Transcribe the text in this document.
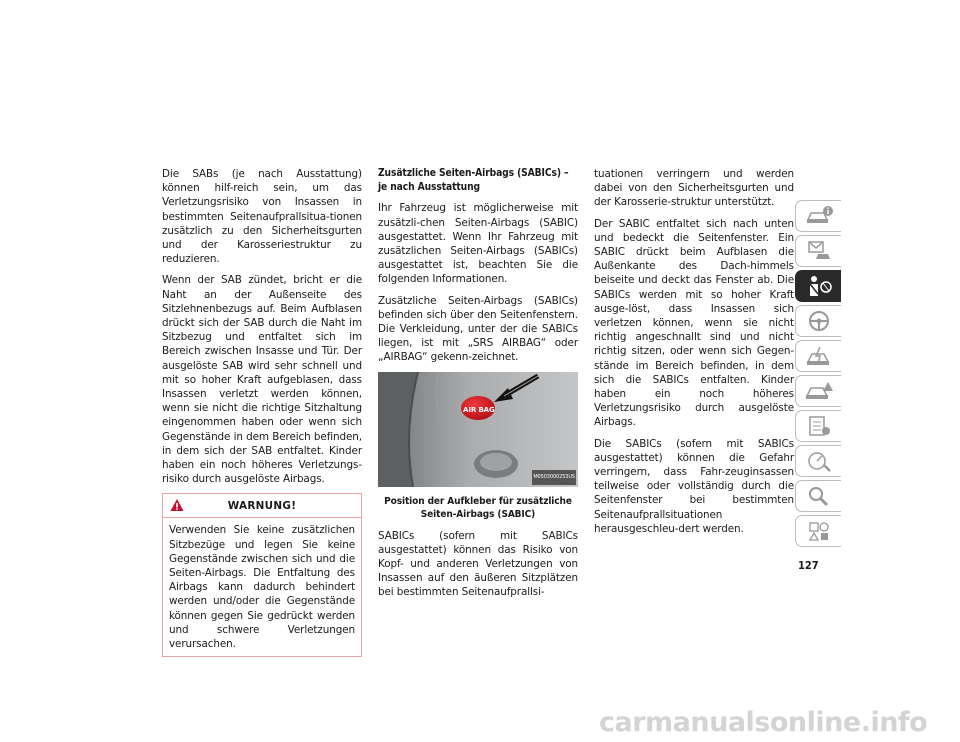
Die SABs (je nach Ausstattung) können hilf-reich sein, um das Verletzungsrisiko von Insassen in bestimmten Seitenaufprallsitua-tionen zusätzlich zu den Sicherheitsgurten und der Karosseriestruktur zu reduzieren.

Wenn der SAB zündet, bricht er die Naht an der Außenseite des Sitzlehnenbezugs auf. Beim Aufblasen drückt sich der SAB durch die Naht im Sitzbezug und entfaltet sich im Bereich zwischen Insasse und Tür. Der ausgelöste SAB wird sehr schnell und mit so hoher Kraft aufgeblasen, dass Insassen verletzt werden können, wenn sie nicht die richtige Sitzhaltung eingenommen haben oder wenn sich Gegenstände in dem Bereich befinden, in dem sich der SAB entfaltet. Kinder haben ein noch höheres Verletzungs-risiko durch ausgelöste Airbags.

WARNUNG!
Verwenden Sie keine zusätzlichen Sitzbezüge und legen Sie keine Gegenstände zwischen sich und die Seiten-Airbags. Die Entfaltung des Airbags kann dadurch behindert werden und/oder die Gegenstände können gegen Sie gedrückt werden und schwere Verletzungen verursachen.
Zusätzliche Seiten-Airbags (SABICs) – je nach Ausstattung

Ihr Fahrzeug ist möglicherweise mit zusätzli-chen Seiten-Airbags (SABIC) ausgestattet. Wenn Ihr Fahrzeug mit zusätzlichen Seiten-Airbags (SABICs) ausgestattet ist, beachten Sie die folgenden Informationen.

Zusätzliche Seiten-Airbags (SABICs) befinden sich über den Seitenfenstern. Die Verkleidung, unter der die SABICs liegen, ist mit „SRS AIRBAG“ oder „AIRBAG“ gekenn-zeichnet.

AIR BAG
M0503000253US
Position der Aufkleber für zusätzliche Seiten-Airbags (SABIC)

SABICs (sofern mit SABICs ausgestattet) können das Risiko von Kopf- und anderen Verletzungen von Insassen auf den äußeren Sitzplätzen bei bestimmten Seitenaufprallsi-

tuationen verringern und werden dabei von den Sicherheitsgurten und der Karosserie-struktur unterstützt.

Der SABIC entfaltet sich nach unten und bedeckt die Seitenfenster. Ein SABIC drückt beim Aufblasen die Außenkante des Dach-himmels beiseite und deckt das Fenster ab. Die SABICs werden mit so hoher Kraft ausge-löst, dass Insassen sich verletzen können, wenn sie nicht richtig angeschnallt sind und nicht richtig sitzen, oder wenn sich Gegen-stände im Bereich befinden, in dem sich die SABICs entfalten. Kinder haben ein noch höheres Verletzungsrisiko durch ausgelöste Airbags.

Die SABICs (sofern mit SABICs ausgestattet) können die Gefahr verringern, dass Fahr-zeuginsassen teilweise oder vollständig durch die Seitenfenster bei bestimmten Seitenaufprallsituationen herausgeschleu-dert werden.

127
carmanualsonline.info
